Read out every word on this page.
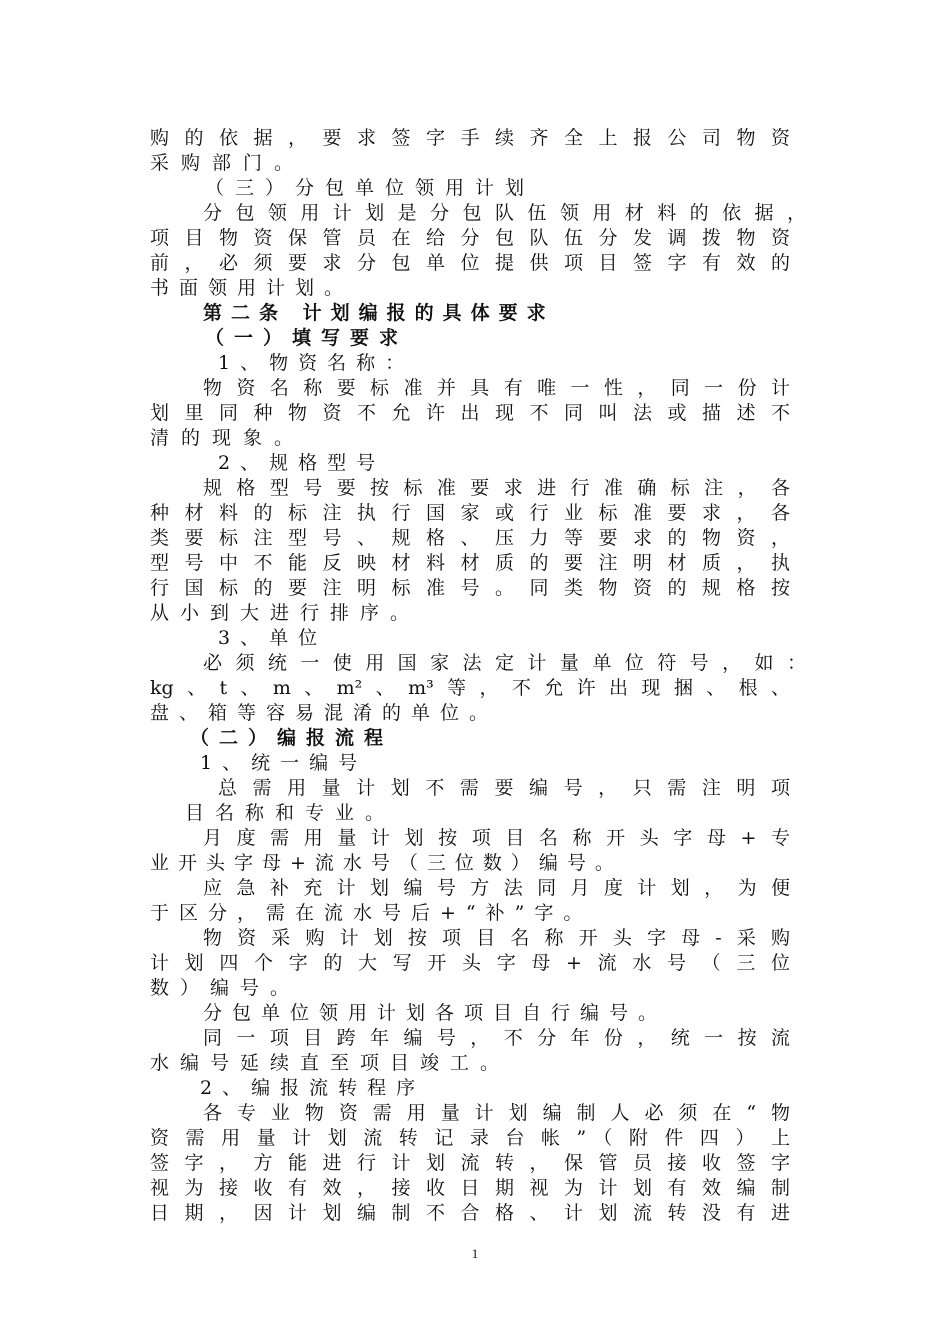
购的依据，要求签字手续齐全上报公司物资
采购部门。
（三）分包单位领用计划
分包领用计划是分包队伍领用材料的依据，
项目物资保管员在给分包队伍分发调拨物资
前，必须要求分包单位提供项目签字有效的
书面领用计划。
第二条 计划编报的具体要求
（一）填写要求
1、物资名称：
物资名称要标准并具有唯一性，同一份计
划里同种物资不允许出现不同叫法或描述不
清的现象。
2、规格型号
规格型号要按标准要求进行准确标注，各
种材料的标注执行国家或行业标准要求，各
类要标注型号、规格、压力等要求的物资，
型号中不能反映材料材质的要注明材质，执
行国标的要注明标准号。同类物资的规格按
从小到大进行排序。
3、单位
必须统一使用国家法定计量单位符号，如：
kg、t、m、m²、m³等，不允许出现捆、根、
盘、箱等容易混淆的单位。
（二）编报流程
1、统一编号
总需用量计划不需要编号，只需注明项
目名称和专业。
月度需用量计划按项目名称开头字母+专
业开头字母+流水号（三位数）编号。
应急补充计划编号方法同月度计划，为便
于区分，需在流水号后+“补”字。
物资采购计划按项目名称开头字母-采购
计划四个字的大写开头字母+流水号（三位
数）编号。
分包单位领用计划各项目自行编号。
同一项目跨年编号，不分年份，统一按流
水编号延续直至项目竣工。
2、编报流转程序
各专业物资需用量计划编制人必须在“物
资需用量计划流转记录台帐”（附件四）上
签字，方能进行计划流转，保管员接收签字
视为接收有效，接收日期视为计划有效编制
日期，因计划编制不合格、计划流转没有进
1
